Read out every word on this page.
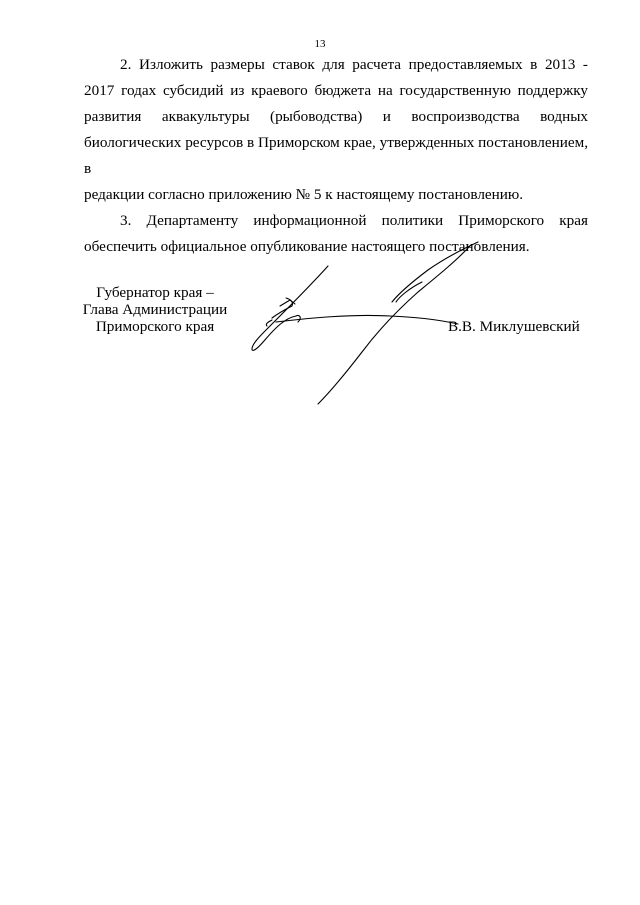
13

2. Изложить размеры ставок для расчета предоставляемых в 2013 -
2017 годах субсидий из краевого бюджета на государственную поддержку
развития аквакультуры (рыбоводства) и воспроизводства водных
биологических ресурсов в Приморском крае, утвержденных постановлением, в
редакции согласно приложению № 5 к настоящему постановлению.

3. Департаменту информационной политики Приморского края
обеспечить официальное опубликование настоящего постановления.

Губернатор края –
Глава Администрации
Приморского края	В.В. Миклушевский
